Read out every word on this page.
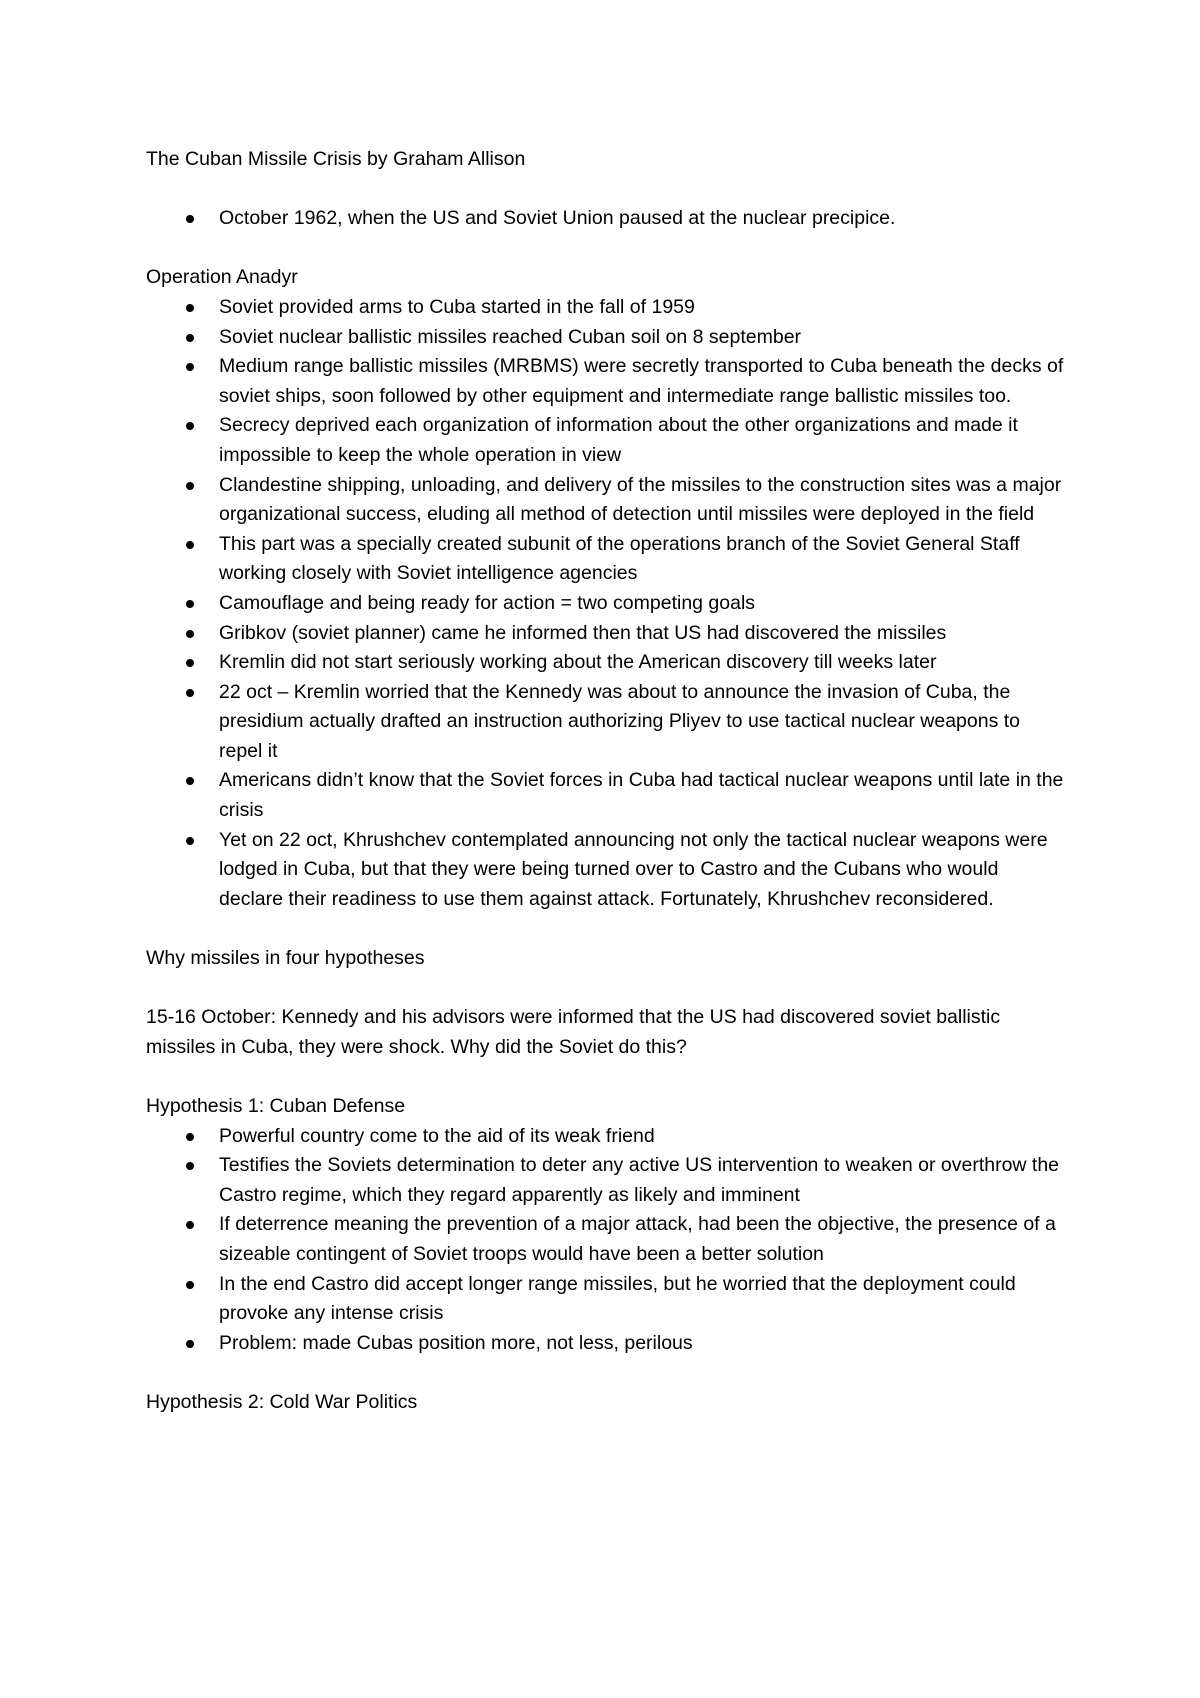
The Cuban Missile Crisis by Graham Allison

October 1962, when the US and Soviet Union paused at the nuclear precipice.

Operation Anadyr

Soviet provided arms to Cuba started in the fall of 1959
Soviet nuclear ballistic missiles reached Cuban soil on 8 september
Medium range ballistic missiles (MRBMS) were secretly transported to Cuba beneath the decks of soviet ships, soon followed by other equipment and intermediate range ballistic missiles too.
Secrecy deprived each organization of information about the other organizations and made it impossible to keep the whole operation in view
Clandestine shipping, unloading, and delivery of the missiles to the construction sites was a major organizational success, eluding all method of detection until missiles were deployed in the field
This part was a specially created subunit of the operations branch of the Soviet General Staff working closely with Soviet intelligence agencies
Camouflage and being ready for action = two competing goals
Gribkov (soviet planner) came he informed then that US had discovered the missiles
Kremlin did not start seriously working about the American discovery till weeks later
22 oct – Kremlin worried that the Kennedy was about to announce the invasion of Cuba, the presidium actually drafted an instruction authorizing Pliyev to use tactical nuclear weapons to repel it
Americans didn’t know that the Soviet forces in Cuba had tactical nuclear weapons until late in the crisis
Yet on 22 oct, Khrushchev contemplated announcing not only the tactical nuclear weapons were lodged in Cuba, but that they were being turned over to Castro and the Cubans who would declare their readiness to use them against attack. Fortunately, Khrushchev reconsidered.

Why missiles in four hypotheses

15-16 October: Kennedy and his advisors were informed that the US had discovered soviet ballistic missiles in Cuba, they were shock. Why did the Soviet do this?

Hypothesis 1: Cuban Defense

Powerful country come to the aid of its weak friend
Testifies the Soviets determination to deter any active US intervention to weaken or overthrow the Castro regime, which they regard apparently as likely and imminent
If deterrence meaning the prevention of a major attack, had been the objective, the presence of a sizeable contingent of Soviet troops would have been a better solution
In the end Castro did accept longer range missiles, but he worried that the deployment could provoke any intense crisis
Problem: made Cubas position more, not less, perilous

Hypothesis 2: Cold War Politics
